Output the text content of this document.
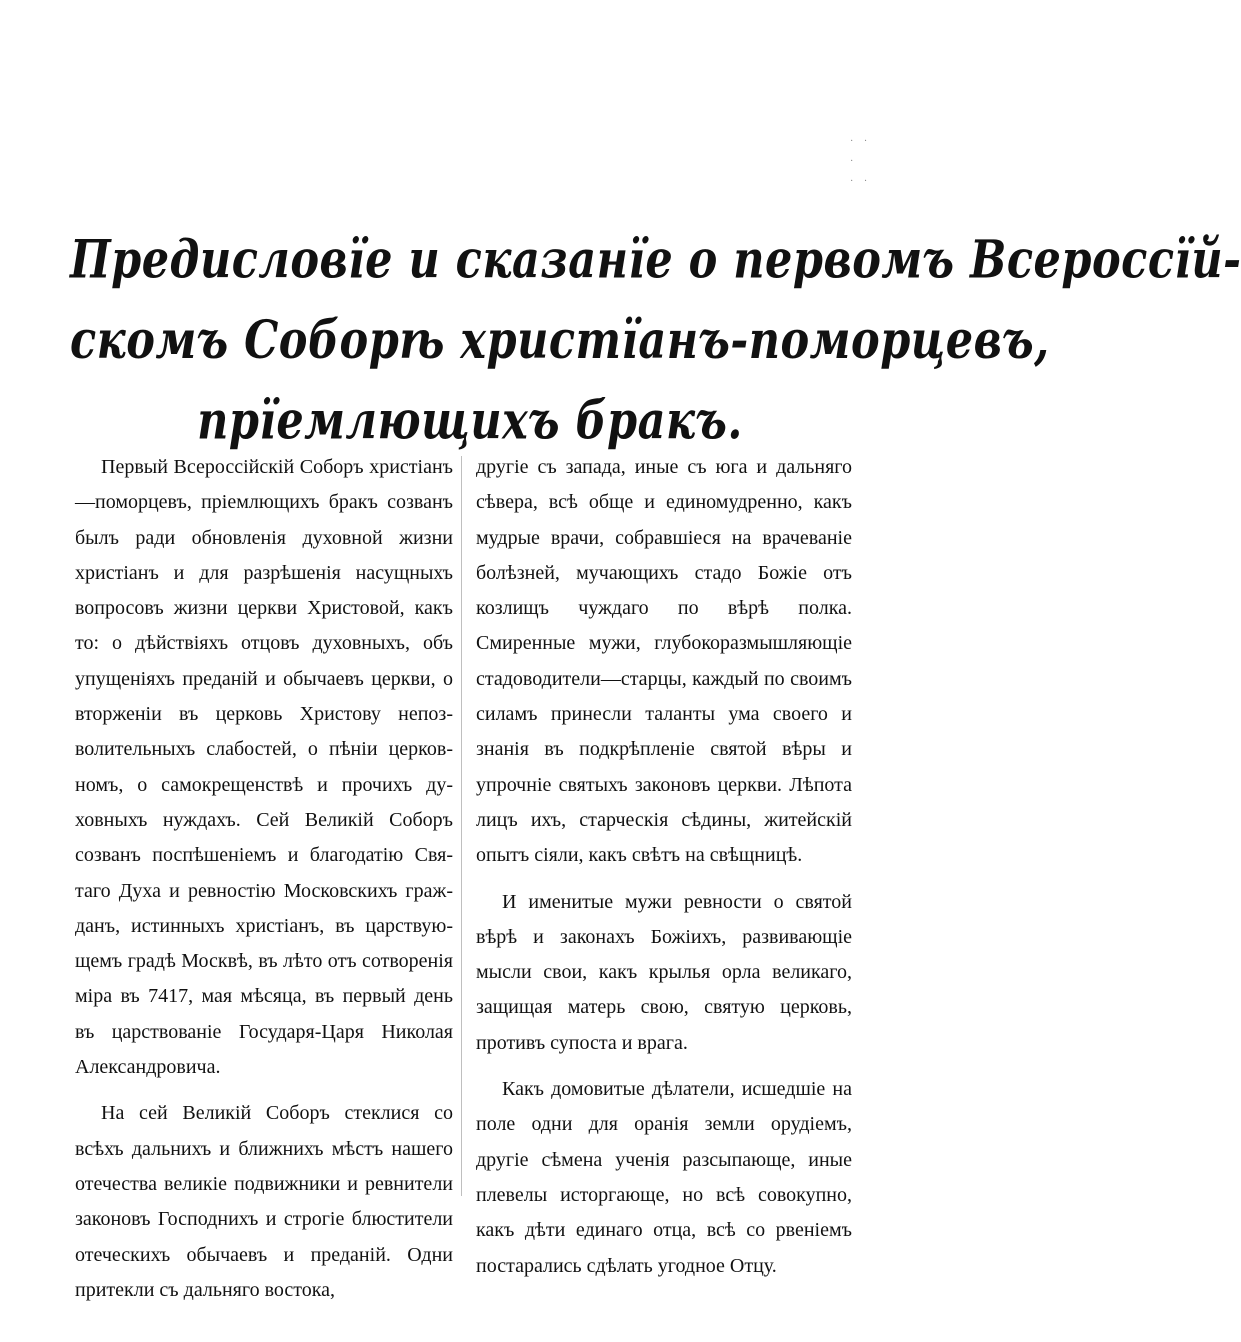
· · ·
· ·
Предисловїе и сказанїе о первомъ Всероссїй-
скомъ Соборѣ христїанъ-поморцевъ,
прїемлющихъ бракъ.

Первый Всероссійскій Соборъ христіанъ —поморцевъ, пріемлющихъ бракъ созванъ былъ ради обновленія духовной жизни христіанъ и для разрѣшенія насущныхъ вопросовъ жизни церкви Христовой, какъ то: о дѣйствіяхъ отцовъ духовныхъ, объ упущеніяхъ преданій и обычаевъ церкви, о вторженіи въ церковь Христову непозволительныхъ слабостей, о пѣніи церковномъ, о самокрещенствѣ и прочихъ духовныхъ нуждахъ. Сей Великій Соборъ созванъ поспѣшеніемъ и благодатію Святаго Духа и ревностію Московскихъ гражданъ, истинныхъ христіанъ, въ царствующемъ градѣ Москвѣ, въ лѣто отъ сотворенія міра въ 7417, мая мѣсяца, въ первый день въ царствованіе Государя-Царя Николая Александровича.

На сей Великій Соборъ стеклися со всѣхъ дальнихъ и ближнихъ мѣстъ нашего отечества великіе подвижники и ревнители законовъ Господнихъ и строгіе блюстители отеческихъ обычаевъ и преданій. Одни притекли съ дальняго востока,

другіе съ запада, иные съ юга и дальняго сѣвера, всѣ обще и единомудренно, какъ мудрые врачи, собравшіеся на врачеваніе болѣзней, мучающихъ стадо Божіе отъ козлищъ чуждаго по вѣрѣ полка. Смиренные мужи, глубокоразмышляющіе стадоводители—старцы, каждый по своимъ силамъ принесли таланты ума своего и знанія въ подкрѣпленіе святой вѣры и упрочніе святыхъ законовъ церкви. Лѣпота лицъ ихъ, старческія сѣдины, житейскій опытъ сіяли, какъ свѣтъ на свѣщницѣ.

И именитые мужи ревности о святой вѣрѣ и законахъ Божіихъ, развивающіе мысли свои, какъ крылья орла великаго, защищая матерь свою, святую церковь, противъ супоста и врага.

Какъ домовитые дѣлатели, исшедшіе на поле одни для оранія земли орудіемъ, другіе сѣмена ученія разсыпающе, иные плевелы исторгающе, но всѣ совокупно, какъ дѣти единаго отца, всѣ со рвеніемъ постарались сдѣлать угодное Отцу.
